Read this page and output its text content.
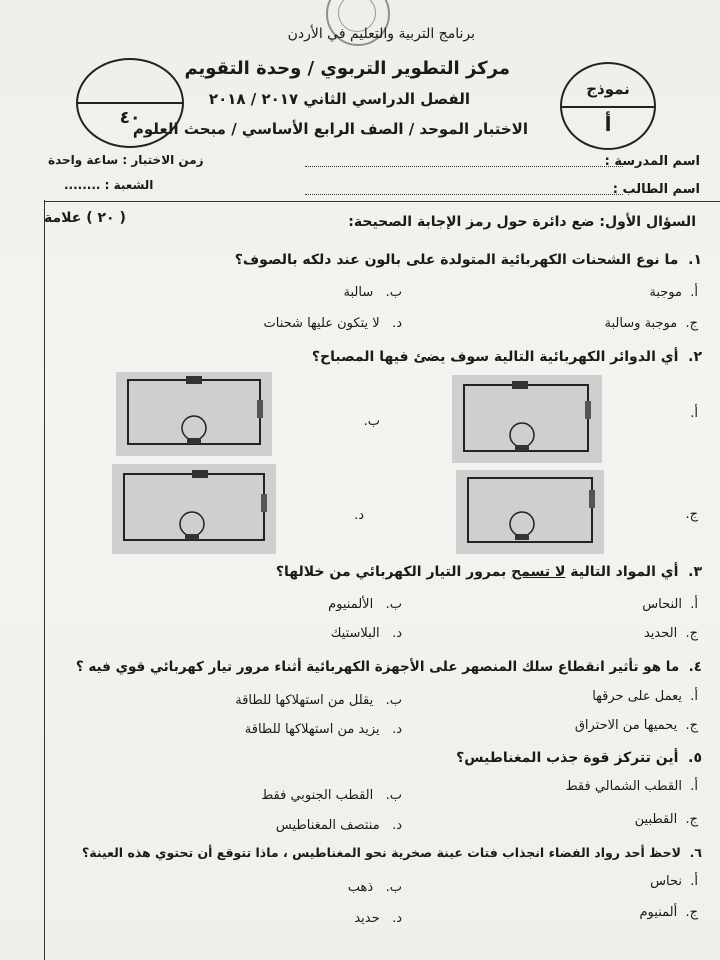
برنامج التربية والتعليم في الأردن
مركز التطوير التربوي / وحدة التقويم
الفصل الدراسي الثاني ٢٠١٧ / ٢٠١٨
الاختبار الموحد / الصف الرابع الأساسي / مبحث العلوم
نموذج
أ
٤٠
اسم المدرسة :
اسم الطالب :
زمن الاختبار : ساعة واحدة
الشعبة : ........
السؤال الأول: ضع دائرة حول رمز الإجابة الصحيحة:
( ٢٠ ) علامة
١.  ما نوع الشحنات الكهربائية المتولدة على بالون عند دلكه بالصوف؟
أ.  موجبة
ب.   سالبة
ج.  موجبة وسالبة
د.   لا يتكون عليها شحنات
٢.  أي الدوائر الكهربائية التالية سوف يضئ فيها المصباح؟
أ.
ب.
ج.
د.
٣.  أي المواد التالية لا تسمح بمرور التيار الكهربائي من خلالها؟
أ.  النحاس
ب.   الألمنيوم
ج.  الحديد
د.   البلاستيك
٤.  ما هو تأثير انقطاع سلك المنصهر على الأجهزة الكهربائية أثناء مرور تيار كهربائي قوي فيه ؟
أ.  يعمل على حرقها
ب.   يقلل من استهلاكها للطاقة
ج.  يحميها من الاحتراق
د.   يزيد من استهلاكها للطاقة
٥.  أين تتركز قوة جذب المغناطيس؟
أ.  القطب الشمالي فقط
ب.   القطب الجنوبي فقط
ج.  القطبين
د.   منتصف المغناطيس
٦.  لاحظ أحد رواد الفضاء انجذاب فتات عينة صخرية نحو المغناطيس ، ماذا تتوقع أن تحتوي هذه العينة؟
أ.  نحاس
ب.   ذهب
ج.  ألمنيوم
د.   حديد
